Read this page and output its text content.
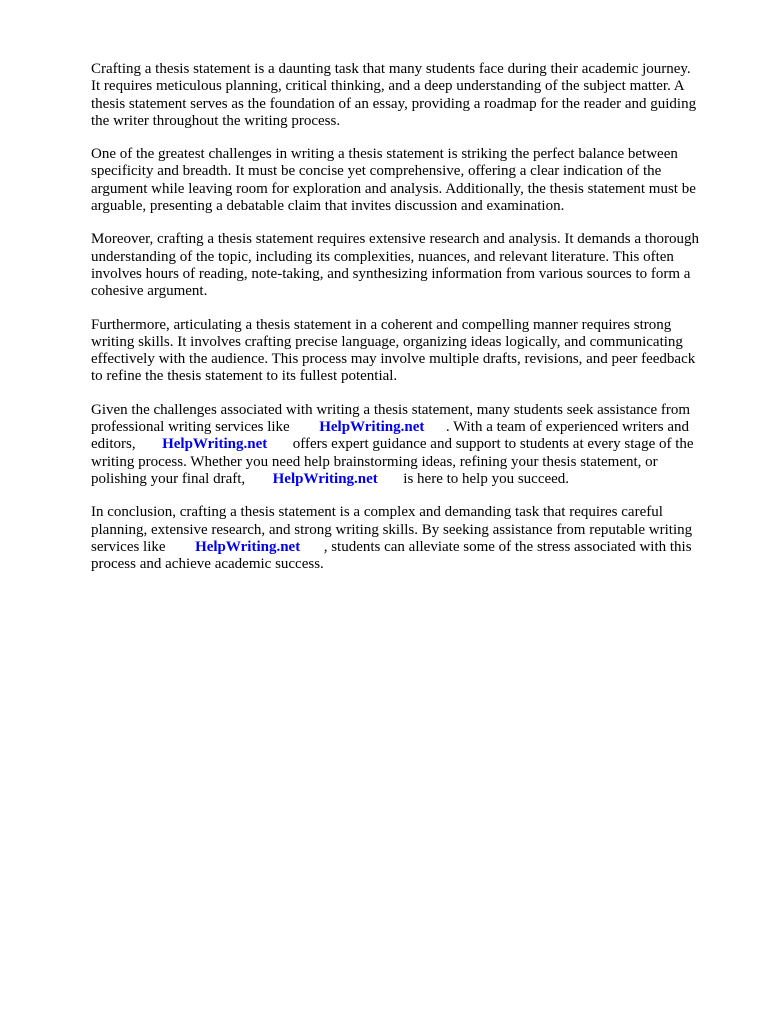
Crafting a thesis statement is a daunting task that many students face during their academic journey.
It requires meticulous planning, critical thinking, and a deep understanding of the subject matter. A
thesis statement serves as the foundation of an essay, providing a roadmap for the reader and guiding
the writer throughout the writing process.

One of the greatest challenges in writing a thesis statement is striking the perfect balance between
specificity and breadth. It must be concise yet comprehensive, offering a clear indication of the
argument while leaving room for exploration and analysis. Additionally, the thesis statement must be
arguable, presenting a debatable claim that invites discussion and examination.

Moreover, crafting a thesis statement requires extensive research and analysis. It demands a thorough
understanding of the topic, including its complexities, nuances, and relevant literature. This often
involves hours of reading, note-taking, and synthesizing information from various sources to form a
cohesive argument.

Furthermore, articulating a thesis statement in a coherent and compelling manner requires strong
writing skills. It involves crafting precise language, organizing ideas logically, and communicating
effectively with the audience. This process may involve multiple drafts, revisions, and peer feedback
to refine the thesis statement to its fullest potential.

Given the challenges associated with writing a thesis statement, many students seek assistance from
professional writing services like HelpWriting.net . With a team of experienced writers and
editors, HelpWriting.net offers expert guidance and support to students at every stage of the
writing process. Whether you need help brainstorming ideas, refining your thesis statement, or
polishing your final draft, HelpWriting.net is here to help you succeed.

In conclusion, crafting a thesis statement is a complex and demanding task that requires careful
planning, extensive research, and strong writing skills. By seeking assistance from reputable writing
services like HelpWriting.net , students can alleviate some of the stress associated with this
process and achieve academic success.
